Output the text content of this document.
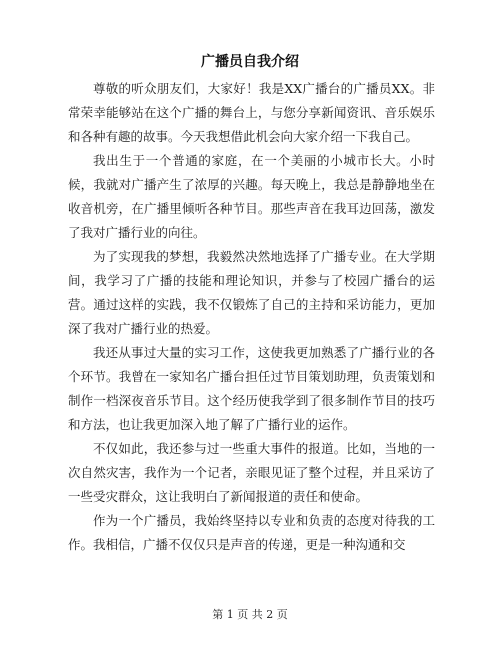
广播员自我介绍

尊敬的听众朋友们，大家好！我是XX广播台的广播员XX。非常荣幸能够站在这个广播的舞台上，与您分享新闻资讯、音乐娱乐和各种有趣的故事。今天我想借此机会向大家介绍一下我自己。

我出生于一个普通的家庭，在一个美丽的小城市长大。小时候，我就对广播产生了浓厚的兴趣。每天晚上，我总是静静地坐在收音机旁，在广播里倾听各种节目。那些声音在我耳边回荡，激发了我对广播行业的向往。

为了实现我的梦想，我毅然决然地选择了广播专业。在大学期间，我学习了广播的技能和理论知识，并参与了校园广播台的运营。通过这样的实践，我不仅锻炼了自己的主持和采访能力，更加深了我对广播行业的热爱。

我还从事过大量的实习工作，这使我更加熟悉了广播行业的各个环节。我曾在一家知名广播台担任过节目策划助理，负责策划和制作一档深夜音乐节目。这个经历使我学到了很多制作节目的技巧和方法，也让我更加深入地了解了广播行业的运作。

不仅如此，我还参与过一些重大事件的报道。比如，当地的一次自然灾害，我作为一个记者，亲眼见证了整个过程，并且采访了一些受灾群众，这让我明白了新闻报道的责任和使命。

作为一个广播员，我始终坚持以专业和负责的态度对待我的工作。我相信，广播不仅仅只是声音的传递，更是一种沟通和交

第 1 页 共 2 页
